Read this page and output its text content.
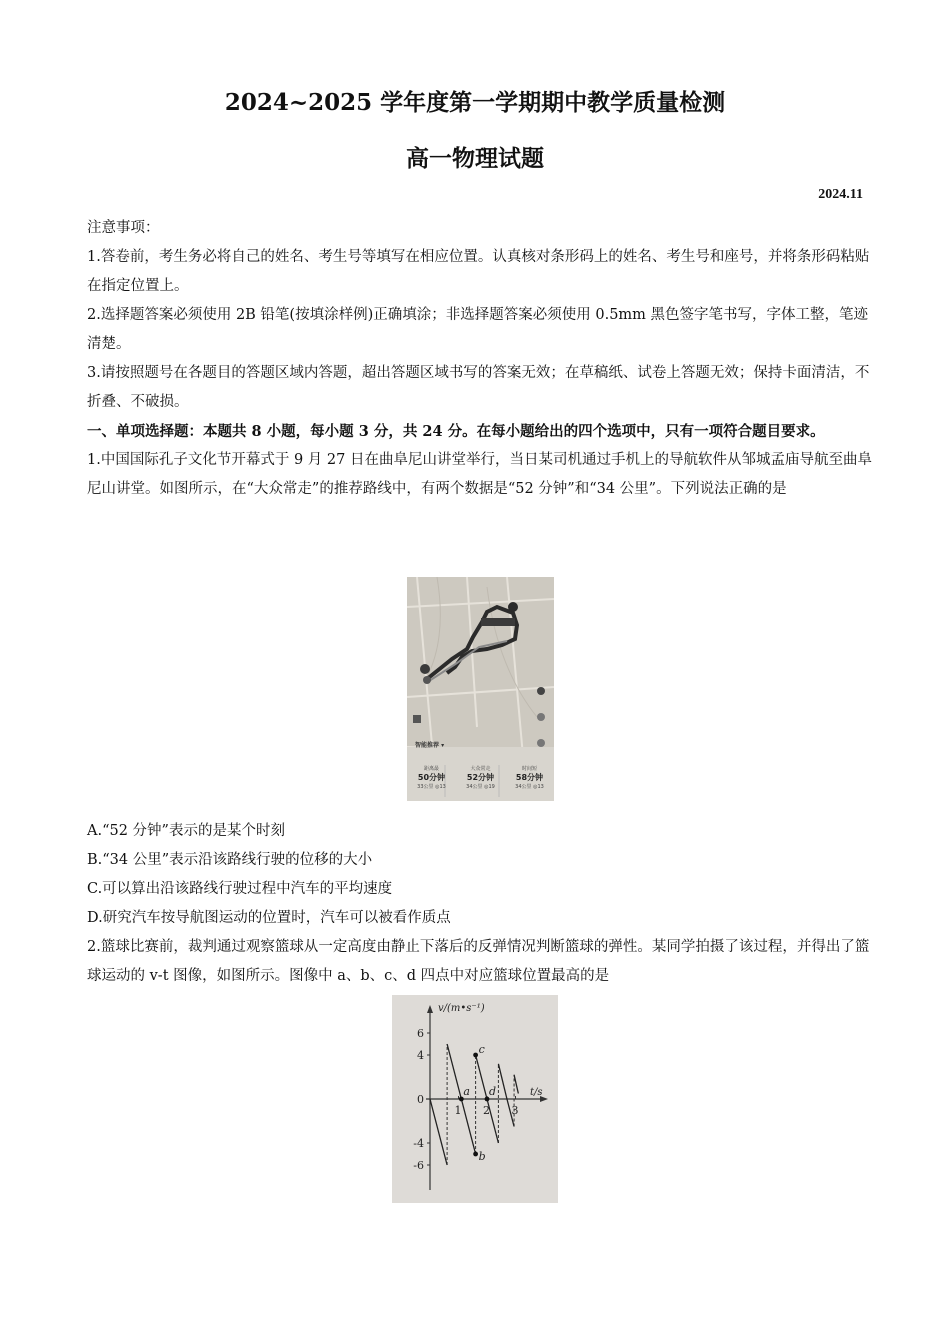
2024~2025 学年度第一学期期中教学质量检测
高一物理试题
2024.11

注意事项：

1.答卷前，考生务必将自己的姓名、考生号等填写在相应位置。认真核对条形码上的姓名、考生号和座号，并将条形码粘贴在指定位置上。

2.选择题答案必须使用 2B 铅笔(按填涂样例)正确填涂；非选择题答案必须使用 0.5mm 黑色签字笔书写，字体工整，笔迹清楚。

3.请按照题号在各题目的答题区域内答题，超出答题区域书写的答案无效；在草稿纸、试卷上答题无效；保持卡面清洁，不折叠、不破损。

一、单项选择题：本题共 8 小题，每小题 3 分，共 24 分。在每小题给出的四个选项中，只有一项符合题目要求。

1.中国国际孔子文化节开幕式于 9 月 27 日在曲阜尼山讲堂举行，当日某司机通过手机上的导航软件从邹城孟庙导航至曲阜尼山讲堂。如图所示，在“大众常走”的推荐路线中，有两个数据是“52 分钟”和“34 公里”。下列说法正确的是

智能推荐 ▾
距离最
50分钟
33公里 ◎13
大众常走
52分钟
34公里 ◎19
时间短
58分钟
34公里 ◎13

A.“52 分钟”表示的是某个时刻

B.“34 公里”表示沿该路线行驶的位移的大小

C.可以算出沿该路线行驶过程中汽车的平均速度

D.研究汽车按导航图运动的位置时，汽车可以被看作质点

2.篮球比赛前，裁判通过观察篮球从一定高度由静止下落后的反弹情况判断篮球的弹性。某同学拍摄了该过程，并得出了篮球运动的 v-t 图像，如图所示。图像中 a、b、c、d 四点中对应篮球位置最高的是

v/(m•s⁻¹)
t/s
6
4
0
-4
-6
1 2 3
a
b
c
d
